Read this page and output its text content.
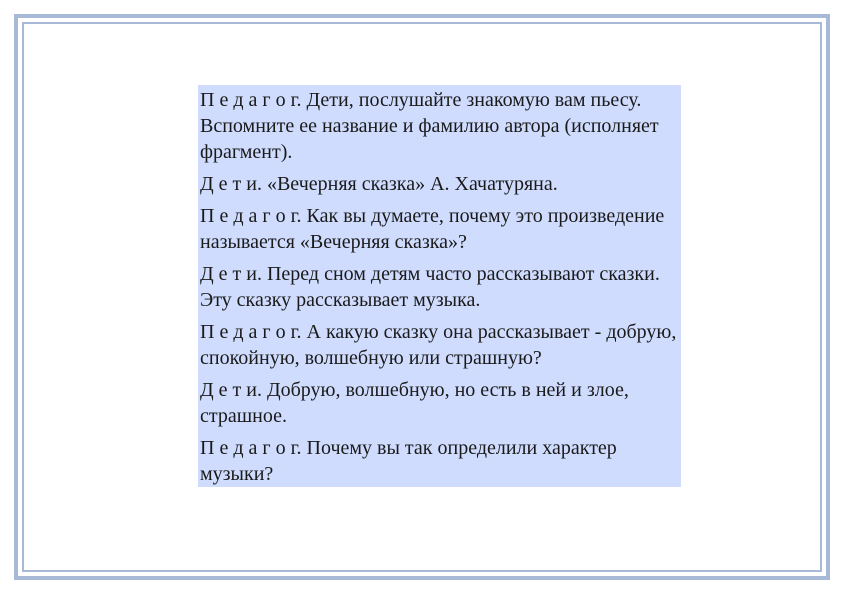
П е д а г о г. Дети, послушайте знакомую вам пьесу. Вспомните ее название и фамилию автора (исполняет фрагмент).

Д е т и. «Вечерняя сказка» А. Хачатуряна.

П е д а г о г. Как вы думаете, почему это произведение называется «Вечерняя сказка»?

Д е т и. Перед сном детям часто рассказывают сказки. Эту сказку рассказывает музыка.

П е д а г о г. А какую сказку она рассказывает - добрую, спокойную, волшебную или страшную?

Д е т и. Добрую, волшебную, но есть в ней и злое, страшное.

П е д а г о г. Почему вы так определили характер музыки?
